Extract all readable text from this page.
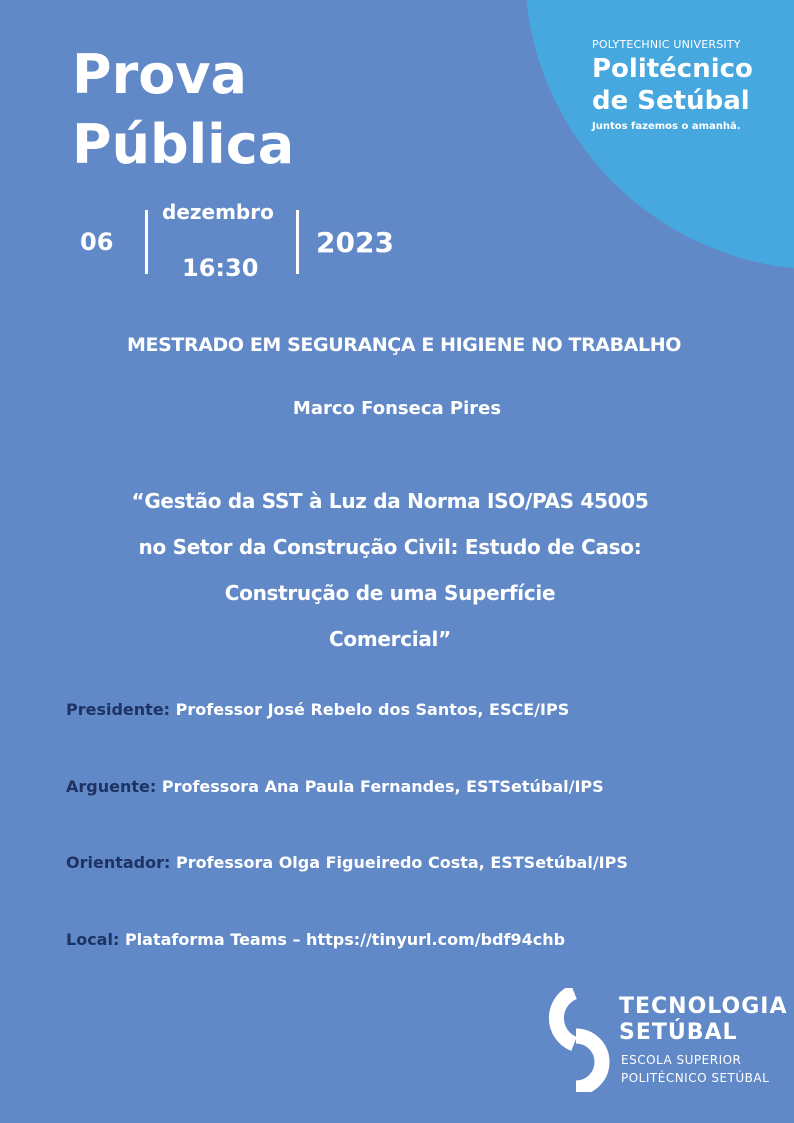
POLYTECHNIC UNIVERSITY
Politécnico
de Setúbal
Juntos fazemos o amanhã.
Prova
Pública
06
dezembro
16:30
2023
MESTRADO EM SEGURANÇA E HIGIENE NO TRABALHO
Marco Fonseca Pires
“Gestão da SST à Luz da Norma ISO/PAS 45005
no Setor da Construção Civil: Estudo de Caso:
Construção de uma Superfície
Comercial”
Presidente: Professor José Rebelo dos Santos, ESCE/IPS
Arguente: Professora Ana Paula Fernandes, ESTSetúbal/IPS
Orientador: Professora Olga Figueiredo Costa, ESTSetúbal/IPS
Local: Plataforma Teams – https://tinyurl.com/bdf94chb
TECNOLOGIA
SETÚBAL
ESCOLA SUPERIOR
POLITÉCNICO SETÚBAL
